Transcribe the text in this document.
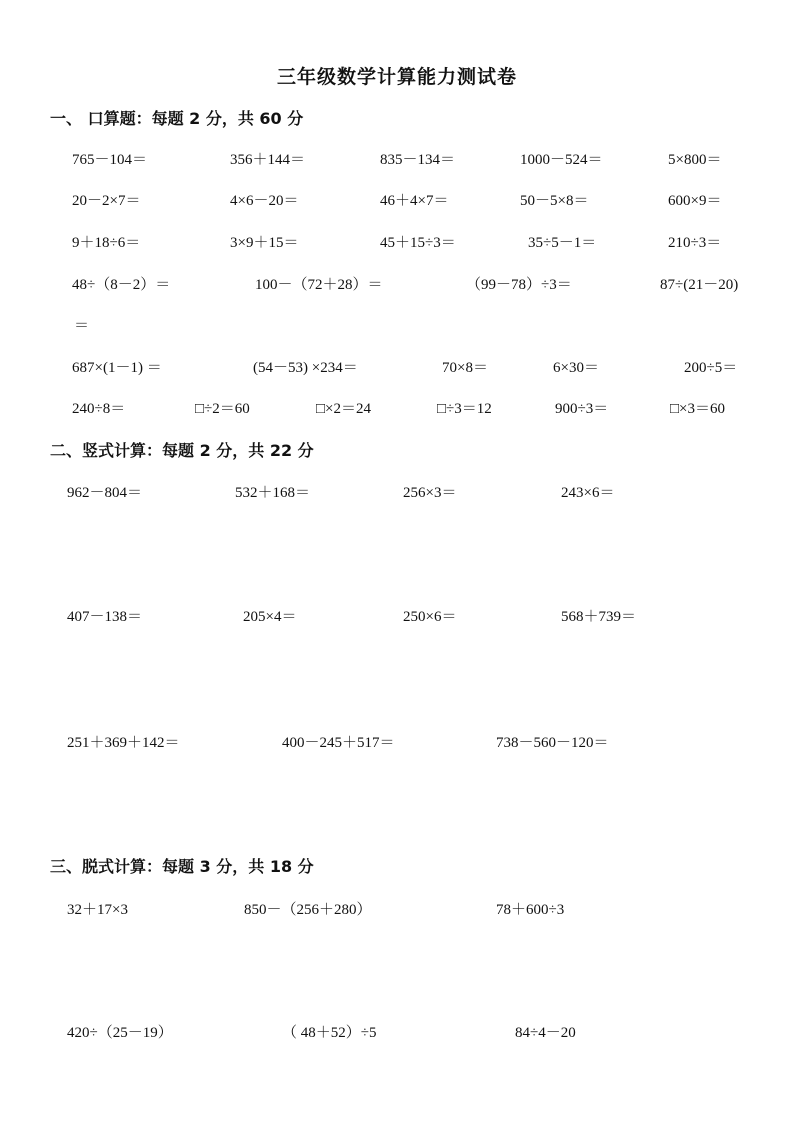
三年级数学计算能力测试卷
一、 口算题：每题 2 分，共 60 分
765－104＝	356＋144＝	835－134＝	1000－524＝	5×800＝
20－2×7＝	4×6－20＝	46＋4×7＝	50－5×8＝	600×9＝
9＋18÷6＝	3×9＋15＝	45＋15÷3＝	35÷5－1＝	210÷3＝
48÷（8－2）＝	100－（72＋28）＝	（99－78）÷3＝	87÷(21－20)
＝
687×(1－1) ＝	(54－53) ×234＝	70×8＝	6×30＝	200÷5＝
240÷8＝	□÷2＝60	□×2＝24	□÷3＝12	900÷3＝	□×3＝60
二、竖式计算：每题 2 分，共 22 分
962－804＝	532＋168＝	256×3＝	243×6＝
407－138＝	205×4＝	250×6＝	568＋739＝
251＋369＋142＝	400－245＋517＝	738－560－120＝
三、脱式计算：每题 3 分，共 18 分
32＋17×3	850－（256＋280）	78＋600÷3
420÷（25－19）	（ 48＋52）÷5	84÷4－20
